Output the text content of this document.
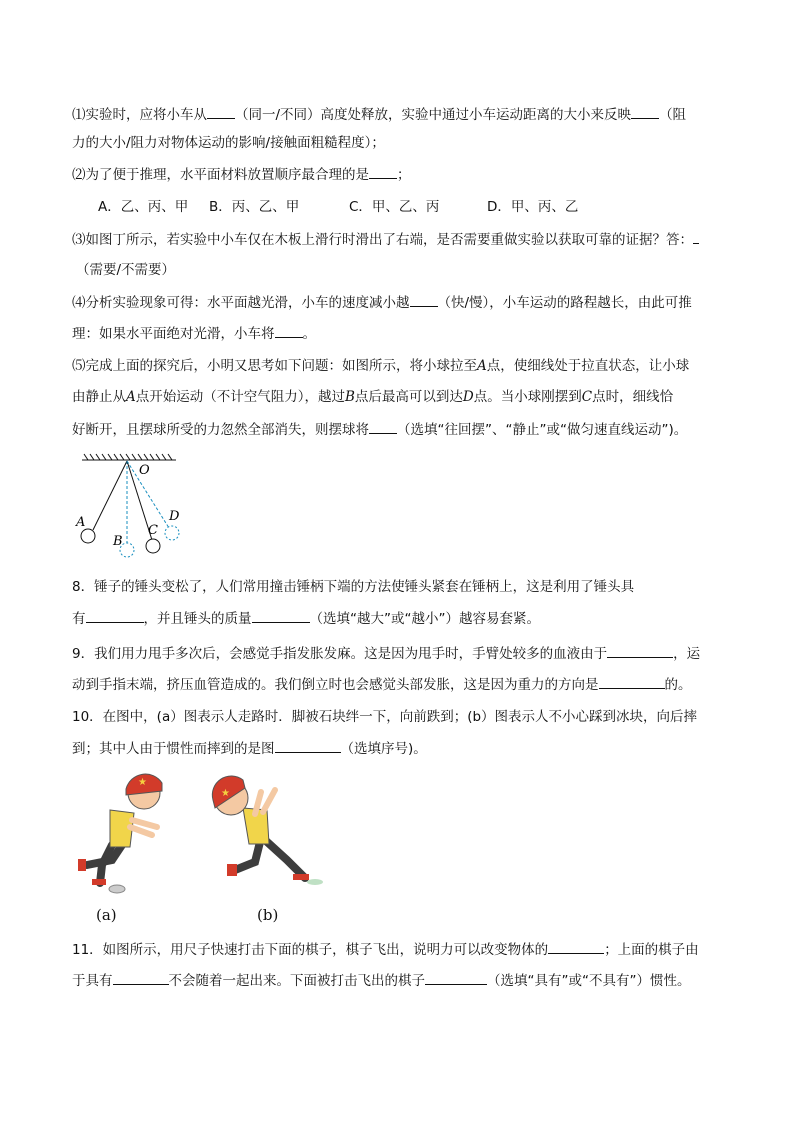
⑴实验时，应将小车从 （同一/不同）高度处释放，实验中通过小车运动距离的大小来反映 （阻
力的大小/阻力对物体运动的影响/接触面粗糙程度）；
⑵为了便于推理，水平面材料放置顺序最合理的是 ；
A．乙、丙、甲 B．丙、乙、甲	C．甲、乙、丙	D．甲、丙、乙
⑶如图丁所示，若实验中小车仅在木板上滑行时滑出了右端，是否需要重做实验以获取可靠的证据？答：
（需要/不需要）
⑷分析实验现象可得：水平面越光滑，小车的速度减小越 （快/慢），小车运动的路程越长，由此可推
理：如果水平面绝对光滑，小车将 。
⑸完成上面的探究后，小明又思考如下问题：如图所示，将小球拉至A点，使细线处于拉直状态，让小球
由静止从A点开始运动（不计空气阻力），越过B点后最高可以到达D点。当小球刚摆到C点时，细线恰
好断开，且摆球所受的力忽然全部消失，则摆球将 （选填“往回摆”、“静止”或“做匀速直线运动”)。
O
A
B
C
D
8．锤子的锤头变松了，人们常用撞击锤柄下端的方法使锤头紧套在锤柄上，这是利用了锤头具
有	，并且锤头的质量	（选填“越大”或“越小”）越容易套紧。
9．我们用力甩手多次后，会感觉手指发胀发麻。这是因为甩手时，手臂处较多的血液由于	，运
动到手指末端，挤压血管造成的。我们倒立时也会感觉头部发胀，这是因为重力的方向是	的。
10．在图中，(a）图表示人走路时．脚被石块绊一下，向前跌到；(b）图表示人不小心踩到冰块，向后摔
到；其中人由于惯性而摔到的是图	（选填序号)。
★
(a)
★
(b)
11．如图所示，用尺子快速打击下面的棋子，棋子飞出，说明力可以改变物体的	；上面的棋子由
于具有	不会随着一起出来。下面被打击飞出的棋子	（选填“具有”或“不具有”）惯性。
